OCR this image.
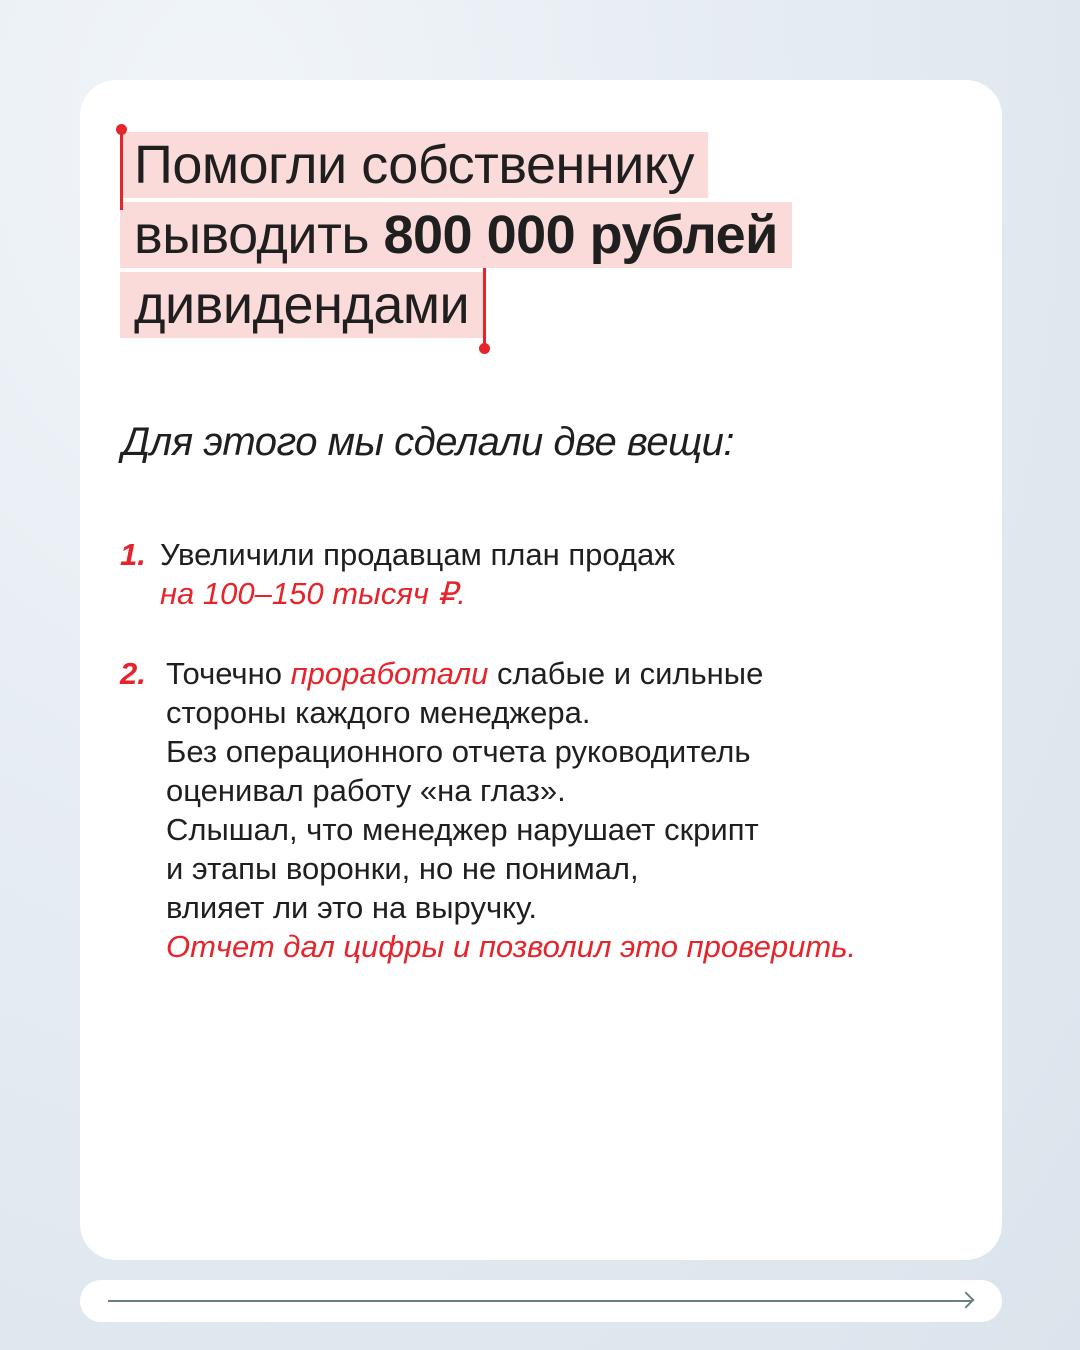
Помогли собственнику
выводить 800 000 рублей
дивидендами
Для этого мы сделали две вещи:
1. Увеличили продавцам план продаж
на 100–150 тысяч ₽.
2. Точечно проработали слабые и сильные
стороны каждого менеджера.
Без операционного отчета руководитель
оценивал работу «на глаз».
Слышал, что менеджер нарушает скрипт
и этапы воронки, но не понимал,
влияет ли это на выручку.
Отчет дал цифры и позволил это проверить.
